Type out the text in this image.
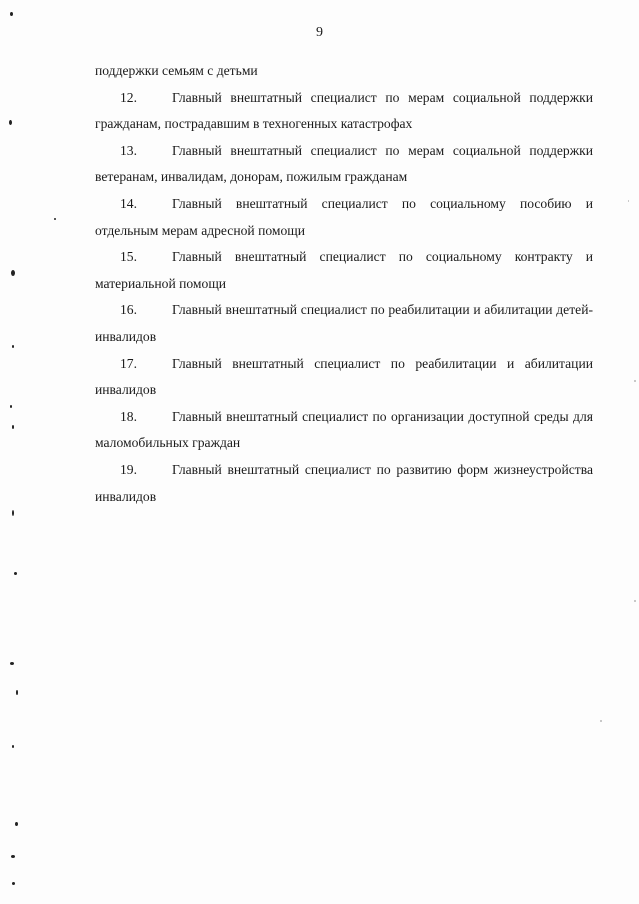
9

поддержки семьям с детьми

12.	Главный внештатный специалист по мерам социальной поддержки гражданам, пострадавшим в техногенных катастрофах

13.	Главный внештатный специалист по мерам социальной поддержки ветеранам, инвалидам, донорам, пожилым гражданам

14.	Главный внештатный специалист по социальному пособию и отдельным мерам адресной помощи

15.	Главный внештатный специалист по социальному контракту и материальной помощи

16.	Главный внештатный специалист по реабилитации и абилитации детей-инвалидов

17.	Главный внештатный специалист по реабилитации и абилитации инвалидов

18.	Главный внештатный специалист по организации доступной среды для маломобильных граждан

19.	Главный внештатный специалист по развитию форм жизнеустройства инвалидов
